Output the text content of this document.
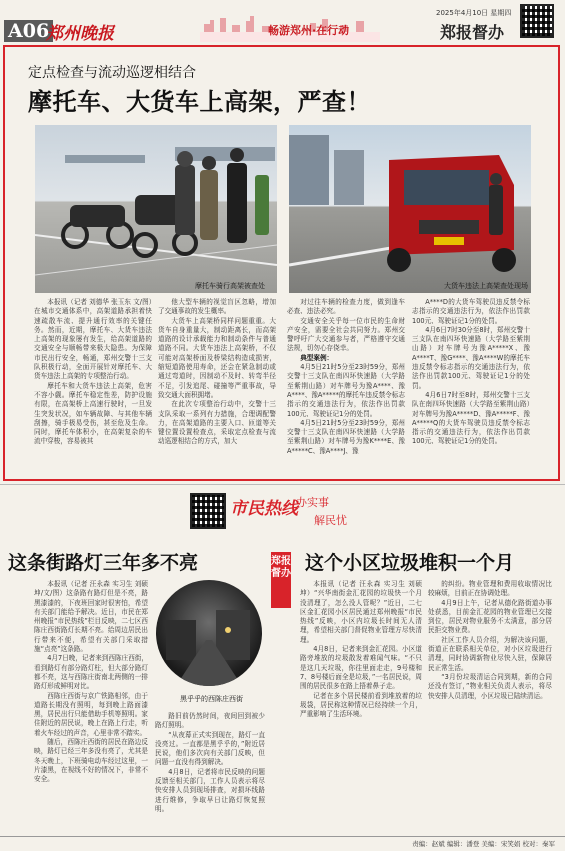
A06
郑州晚报	畅游郑州·在行动
2025年4月10日 星期四
郑报督办
定点检查与流动巡逻相结合
摩托车、大货车上高架，严查！
摩托车骑行高架被查处	大货车违法上高架查处现场

本报讯（记者 刘德华 张玉东 文/图）在城市交通体系中，高架道路承担着快速疏散车流、提升通行效率的关键任务。然而，近期，摩托车、大货车违法上高架的现象屡有发生，给高架道路的交通安全与顺畅带来极大隐患。为保障市民出行安全，畅通，郑州交警十三支队积极行动，全面开展针对摩托车、大货车违法上高架的专项整治行动。

摩托车和大货车违法上高架，危害不容小觑。摩托车稳定性差，防护设施有限，在高架桥上高速行驶时，一旦发生突发状况，如车辆故障、与其他车辆刮擦，骑手极易受伤，甚至危及生命。同时，摩托车体积小，在高架复杂的车流中穿梭，容易被其

他大型车辆的视觉盲区忽略，增加了交通事故的发生概率。

大货车上高架桥同样问题重重。大货车自身重量大，制动距离长，而高架道路的设计承载能力和制动条件与普通道路不同。大货车违法上高架桥，不仅可能对高架桥面及桥梁结构造成损害，缩短道路使用寿命，还会在紧急制动或通过弯道时，因制动不及时、转弯半径不足，引发追尾、碰撞等严重事故，导致交通大面积拥堵。

在此次专项整治行动中，交警十三支队采取一系列有力措施，合理调配警力，在高架道路的主要入口、匝道等关键位置设置检查点，采取定点检查与流动巡逻相结合的方式，加大

对过往车辆的检查力度，做到逢车必查、违法必究。

交通安全关乎每一位市民的生命财产安全，需要全社会共同努力。郑州交警呼吁广大交通参与者，严格遵守交通法规，切勿心存侥幸。

典型案例：

4月5日21时5分至23时59分，郑州交警十三支队在南四环快速路（大学路至紫荆山路）对车牌号为豫A****、豫A****、豫A*****的摩托车违反禁令标志指示的交通违法行为，依法作出罚款100元、驾驶证记1分的处罚。

4月5日21时5分至23时59分，郑州交警十三支队在南四环快速路（大学路至紫荆山路）对车牌号为豫K****E、豫A*****C、豫A****J、豫

A****D的大货车驾驶员违反禁令标志指示的交通违法行为，依法作出罚款100元、驾驶证记1分的处罚。

4月6日7时30分至8时，郑州交警十三支队在南四环快速路（大学路至紫荆山路）对车牌号为豫A*****X、豫A****T、豫G****、豫A****W的摩托车违反禁令标志指示的交通违法行为，依法作出罚款100元、驾驶证记1分的处罚。

4月6日7时至8时，郑州交警十三支队在南四环快速路（大学路至紫荆山路）对车牌号为豫A*****D、豫A*****F、豫A*****Q的大货车驾驶员违反禁令标志指示的交通违法行为，依法作出罚款100元、驾驶证记1分的处罚。

市民热线
办实事
解民忧
这条街路灯三年多不亮

本报讯（记者 汪永森 实习生 刘硕坤/文/图）这条路有路灯但是不亮，路黑漆漆的，下夜班回家时很害怕，希望有关部门能给予解决。近日，市民在郑州晚报“市民热线”栏目反映，二七区西陈庄西街路灯长期不亮。给周边居民出行带来不便，希望有关部门采取措施“点亮”这条路。

4月7日晚，记者来到西陈庄西街，看到路灯有部分路灯柱，但大部分路灯都不亮，这与西陈庄街南北两侧的一排路灯形成鲜明对比。

西陈庄西街与京广铁路相邻，由于道路长期没有照明，每到晚上路面漆黑，居民出行只能借助手机等照明。家住附近的居民说，晚上在路上行走，听着火车经过的声音，心里非常不踏实。

随后，西陈庄西街的居民在路边反映，路灯已经三年多没有亮了，尤其是冬天晚上，下班骑电动车经过这里，一片漆黑，在视线不好的情况下，非常不安全。

黑乎乎的西陈庄西街

路旧前仍然时间，夜间回到被少路灯照明。

“从夜幕正式实到现在，路灯一直没亮过。一直都是黑乎乎的，”附近居民说，他们多次向有关部门反映，但问题一直没有得到解决。

4月8日，记者将市民反映的问题反馈至相关部门，工作人员表示将尽快安排人员到现场排查，对损坏线路进行维修，争取早日让路灯恢复照明。

郑报督办 这个小区垃圾堆积一个月

本报讯（记者 汪永森 实习生 刘硕坤）“兴华南街金汇花园的垃圾快一个月没清理了，怎么没人管呢？”近日，二七区金汇花园小区居民通过郑州晚报“市民热线”反映，小区内垃圾长时间无人清理，希望相关部门督促物业管理方尽快清理。

4月8日，记者来到金汇花园。小区道路旁堆放的垃圾散发着难闻气味。“不只是这几天垃圾，你往里面走走，9号楼和7、8号楼后面全是垃圾，”一名居民说，周围的居民很多在路上捂着鼻子走。

记者在多个居民楼前看到堆放着的垃圾袋，居民称这种情况已经持续一个月，严重影响了生活环境。

的纠纷。物业管理和费用收取情况比较麻烦，目前正在协调处理。

4月9日上午，记者从德化路街道办事处获悉，目前金汇花园的物业管理已交接到位，居民对物业服务不太满意，部分居民拒交物业费。

社区工作人员介绍，为解决该问题，街道正在联系相关单位，对小区垃圾进行清理，同时协调新物业尽快入驻，保障居民正常生活。

“3月份垃圾清运合同到期，新的合同还没有签订，”物业相关负责人表示，将尽快安排人员清理，小区垃圾已陆续清运。

责编：赵斌 编辑：潘登 美编：宋笑娟 校对：秦军
